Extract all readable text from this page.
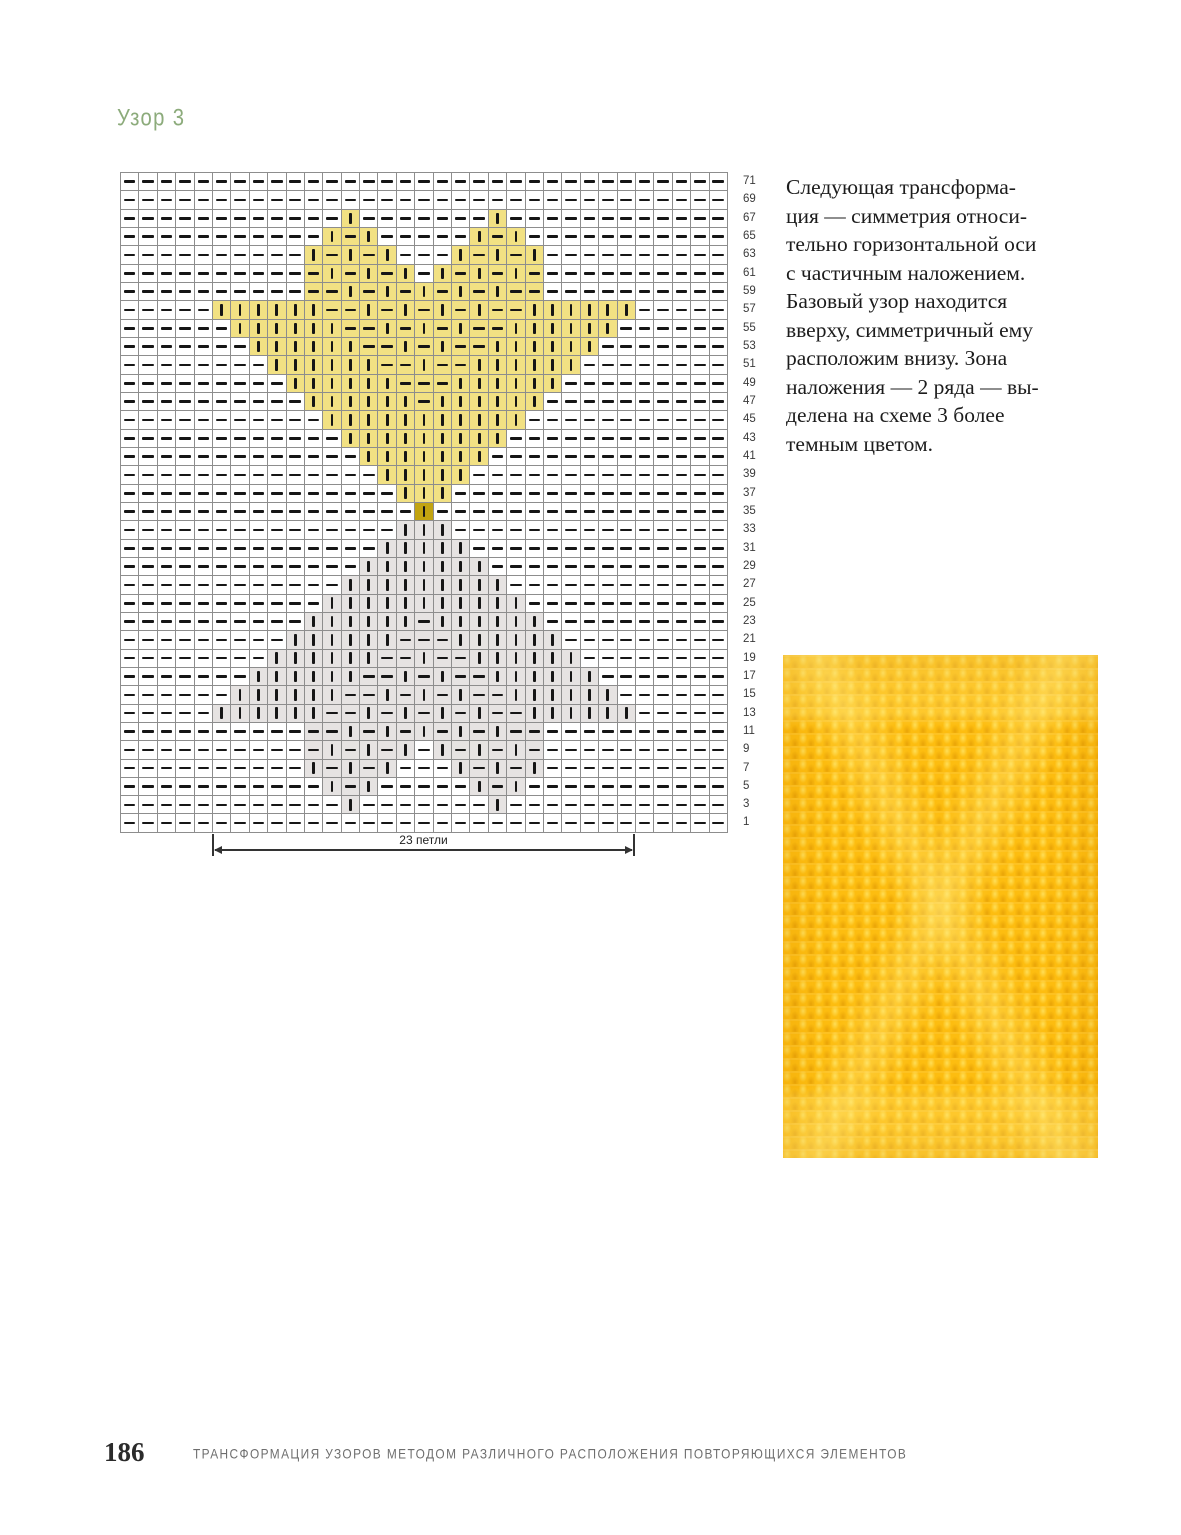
Узор 3
71
69
67
65
63
61
59
57
55
53
51
49
47
45
43
41
39
37
35
33
31
29
27
25
23
21
19
17
15
13
11
9
7
5
3
1
23 петли
Следующая трансформа-
ция — симметрия относи-
тельно горизонтальной оси
с частичным наложением.
Базовый узор находится
вверху, симметричный ему
расположим внизу. Зона
наложения — 2 ряда — вы-
делена на схеме 3 более
темным цветом.
186	ТРАНСФОРМАЦИЯ УЗОРОВ МЕТОДОМ РАЗЛИЧНОГО РАСПОЛОЖЕНИЯ ПОВТОРЯЮЩИХСЯ ЭЛЕМЕНТОВ
